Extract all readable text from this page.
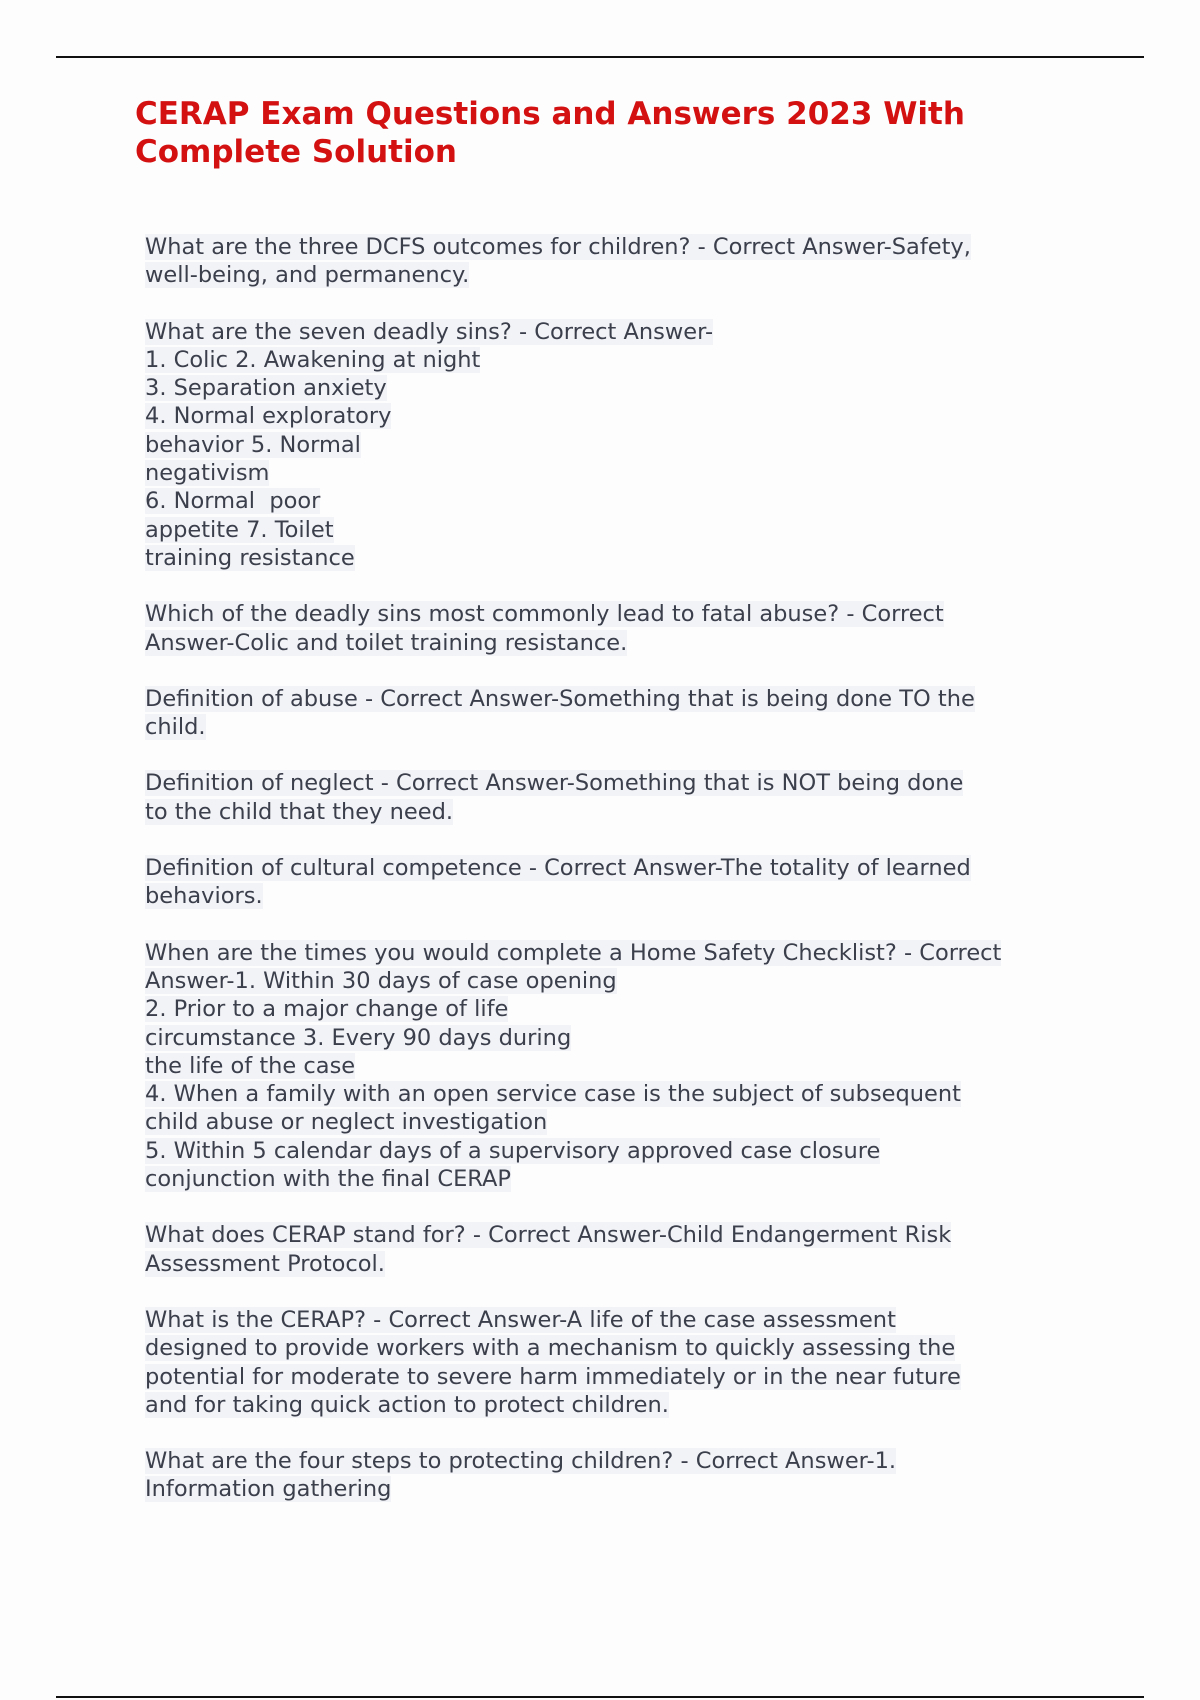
CERAP Exam Questions and Answers 2023 With
Complete Solution
What are the three DCFS outcomes for children? - Correct Answer-Safety,
well-being, and permanency.
What are the seven deadly sins? - Correct Answer-
1. Colic 2. Awakening at night
3. Separation anxiety
4. Normal exploratory
behavior 5. Normal
negativism
6. Normal  poor
appetite 7. Toilet
training resistance
Which of the deadly sins most commonly lead to fatal abuse? - Correct
Answer-Colic and toilet training resistance.
Definition of abuse - Correct Answer-Something that is being done TO the
child.
Definition of neglect - Correct Answer-Something that is NOT being done
to the child that they need.
Definition of cultural competence - Correct Answer-The totality of learned
behaviors.
When are the times you would complete a Home Safety Checklist? - Correct
Answer-1. Within 30 days of case opening
2. Prior to a major change of life
circumstance 3. Every 90 days during
the life of the case
4. When a family with an open service case is the subject of subsequent
child abuse or neglect investigation
5. Within 5 calendar days of a supervisory approved case closure
conjunction with the final CERAP
What does CERAP stand for? - Correct Answer-Child Endangerment Risk
Assessment Protocol.
What is the CERAP? - Correct Answer-A life of the case assessment
designed to provide workers with a mechanism to quickly assessing the
potential for moderate to severe harm immediately or in the near future
and for taking quick action to protect children.
What are the four steps to protecting children? - Correct Answer-1.
Information gathering
